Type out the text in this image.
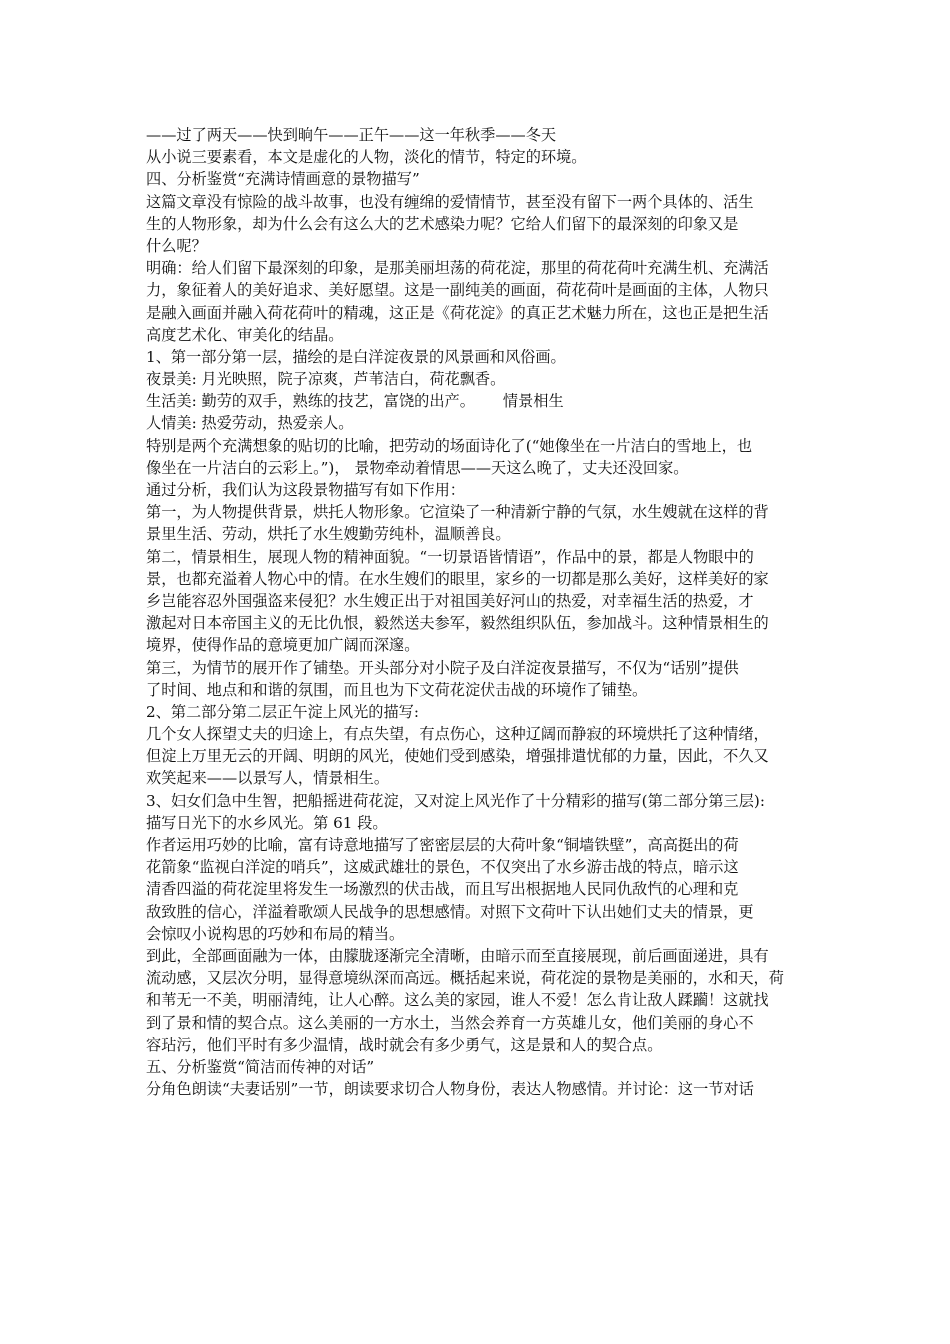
——过了两天——快到晌午——正午——这一年秋季——冬天
从小说三要素看，本文是虚化的人物，淡化的情节，特定的环境。
四、分析鉴赏“充满诗情画意的景物描写”
这篇文章没有惊险的战斗故事，也没有缠绵的爱情情节，甚至没有留下一两个具体的、活生
生的人物形象，却为什么会有这么大的艺术感染力呢？它给人们留下的最深刻的印象又是
什么呢？
明确：给人们留下最深刻的印象，是那美丽坦荡的荷花淀，那里的荷花荷叶充满生机、充满活
力，象征着人的美好追求、美好愿望。这是一副纯美的画面，荷花荷叶是画面的主体，人物只
是融入画面并融入荷花荷叶的精魂，这正是《荷花淀》的真正艺术魅力所在，这也正是把生活
高度艺术化、审美化的结晶。
1、第一部分第一层，描绘的是白洋淀夜景的风景画和风俗画。
夜景美: 月光映照，院子凉爽，芦苇洁白，荷花飘香。
生活美: 勤劳的双手，熟练的技艺，富饶的出产。 情景相生
人情美: 热爱劳动，热爱亲人。
特别是两个充满想象的贴切的比喻，把劳动的场面诗化了(“她像坐在一片洁白的雪地上，也
像坐在一片洁白的云彩上。”)， 景物牵动着情思——天这么晚了，丈夫还没回家。
通过分析，我们认为这段景物描写有如下作用：
第一，为人物提供背景，烘托人物形象。它渲染了一种清新宁静的气氛，水生嫂就在这样的背
景里生活、劳动，烘托了水生嫂勤劳纯朴，温顺善良。
第二，情景相生，展现人物的精神面貌。“一切景语皆情语”，作品中的景，都是人物眼中的
景，也都充溢着人物心中的情。在水生嫂们的眼里，家乡的一切都是那么美好，这样美好的家
乡岂能容忍外国强盗来侵犯？水生嫂正出于对祖国美好河山的热爱，对幸福生活的热爱，才
激起对日本帝国主义的无比仇恨，毅然送夫参军，毅然组织队伍，参加战斗。这种情景相生的
境界，使得作品的意境更加广阔而深邃。
第三，为情节的展开作了铺垫。开头部分对小院子及白洋淀夜景描写，不仅为“话别”提供
了时间、地点和和谐的氛围，而且也为下文荷花淀伏击战的环境作了铺垫。
2、第二部分第二层正午淀上风光的描写:
几个女人探望丈夫的归途上，有点失望，有点伤心，这种辽阔而静寂的环境烘托了这种情绪，
但淀上万里无云的开阔、明朗的风光，使她们受到感染，增强排遣忧郁的力量，因此，不久又
欢笑起来——以景写人，情景相生。
3、妇女们急中生智，把船摇进荷花淀，又对淀上风光作了十分精彩的描写(第二部分第三层):
描写日光下的水乡风光。第 61 段。
作者运用巧妙的比喻，富有诗意地描写了密密层层的大荷叶象“铜墙铁壁”，高高挺出的荷
花箭象“监视白洋淀的哨兵”，这威武雄壮的景色，不仅突出了水乡游击战的特点，暗示这
清香四溢的荷花淀里将发生一场激烈的伏击战，而且写出根据地人民同仇敌忾的心理和克
敌致胜的信心，洋溢着歌颂人民战争的思想感情。对照下文荷叶下认出她们丈夫的情景，更
会惊叹小说构思的巧妙和布局的精当。
到此，全部画面融为一体，由朦胧逐渐完全清晰，由暗示而至直接展现，前后画面递进，具有
流动感，又层次分明，显得意境纵深而高远。概括起来说，荷花淀的景物是美丽的，水和天，荷
和苇无一不美，明丽清纯，让人心醉。这么美的家园，谁人不爱！怎么肯让敌人蹂躏！这就找
到了景和情的契合点。这么美丽的一方水土，当然会养育一方英雄儿女，他们美丽的身心不
容玷污，他们平时有多少温情，战时就会有多少勇气，这是景和人的契合点。
五、分析鉴赏“简洁而传神的对话”
分角色朗读“夫妻话别”一节，朗读要求切合人物身份，表达人物感情。并讨论：这一节对话
